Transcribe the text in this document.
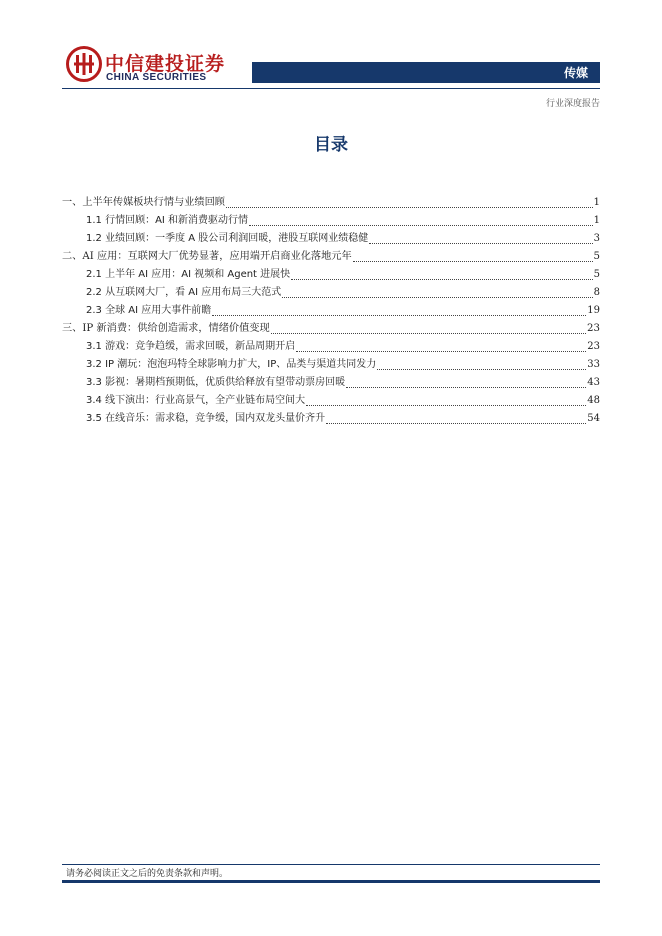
中信建投证券
CHINA SECURITIES	传媒
行业深度报告
目录
一、上半年传媒板块行情与业绩回顾	1
1.1 行情回顾：AI 和新消费驱动行情	1
1.2 业绩回顾：一季度 A 股公司利润回暖，港股互联网业绩稳健	3
二、AI 应用：互联网大厂优势显著，应用端开启商业化落地元年	5
2.1 上半年 AI 应用：AI 视频和 Agent 进展快	5
2.2 从互联网大厂，看 AI 应用布局三大范式	8
2.3 全球 AI 应用大事件前瞻	19
三、IP 新消费：供给创造需求，情绪价值变现	23
3.1 游戏：竞争趋缓，需求回暖，新品周期开启	23
3.2 IP 潮玩：泡泡玛特全球影响力扩大，IP、品类与渠道共同发力	33
3.3 影视：暑期档预期低，优质供给释放有望带动票房回暖	43
3.4 线下演出：行业高景气，全产业链布局空间大	48
3.5 在线音乐：需求稳，竞争缓，国内双龙头量价齐升	54
请务必阅读正文之后的免责条款和声明。
